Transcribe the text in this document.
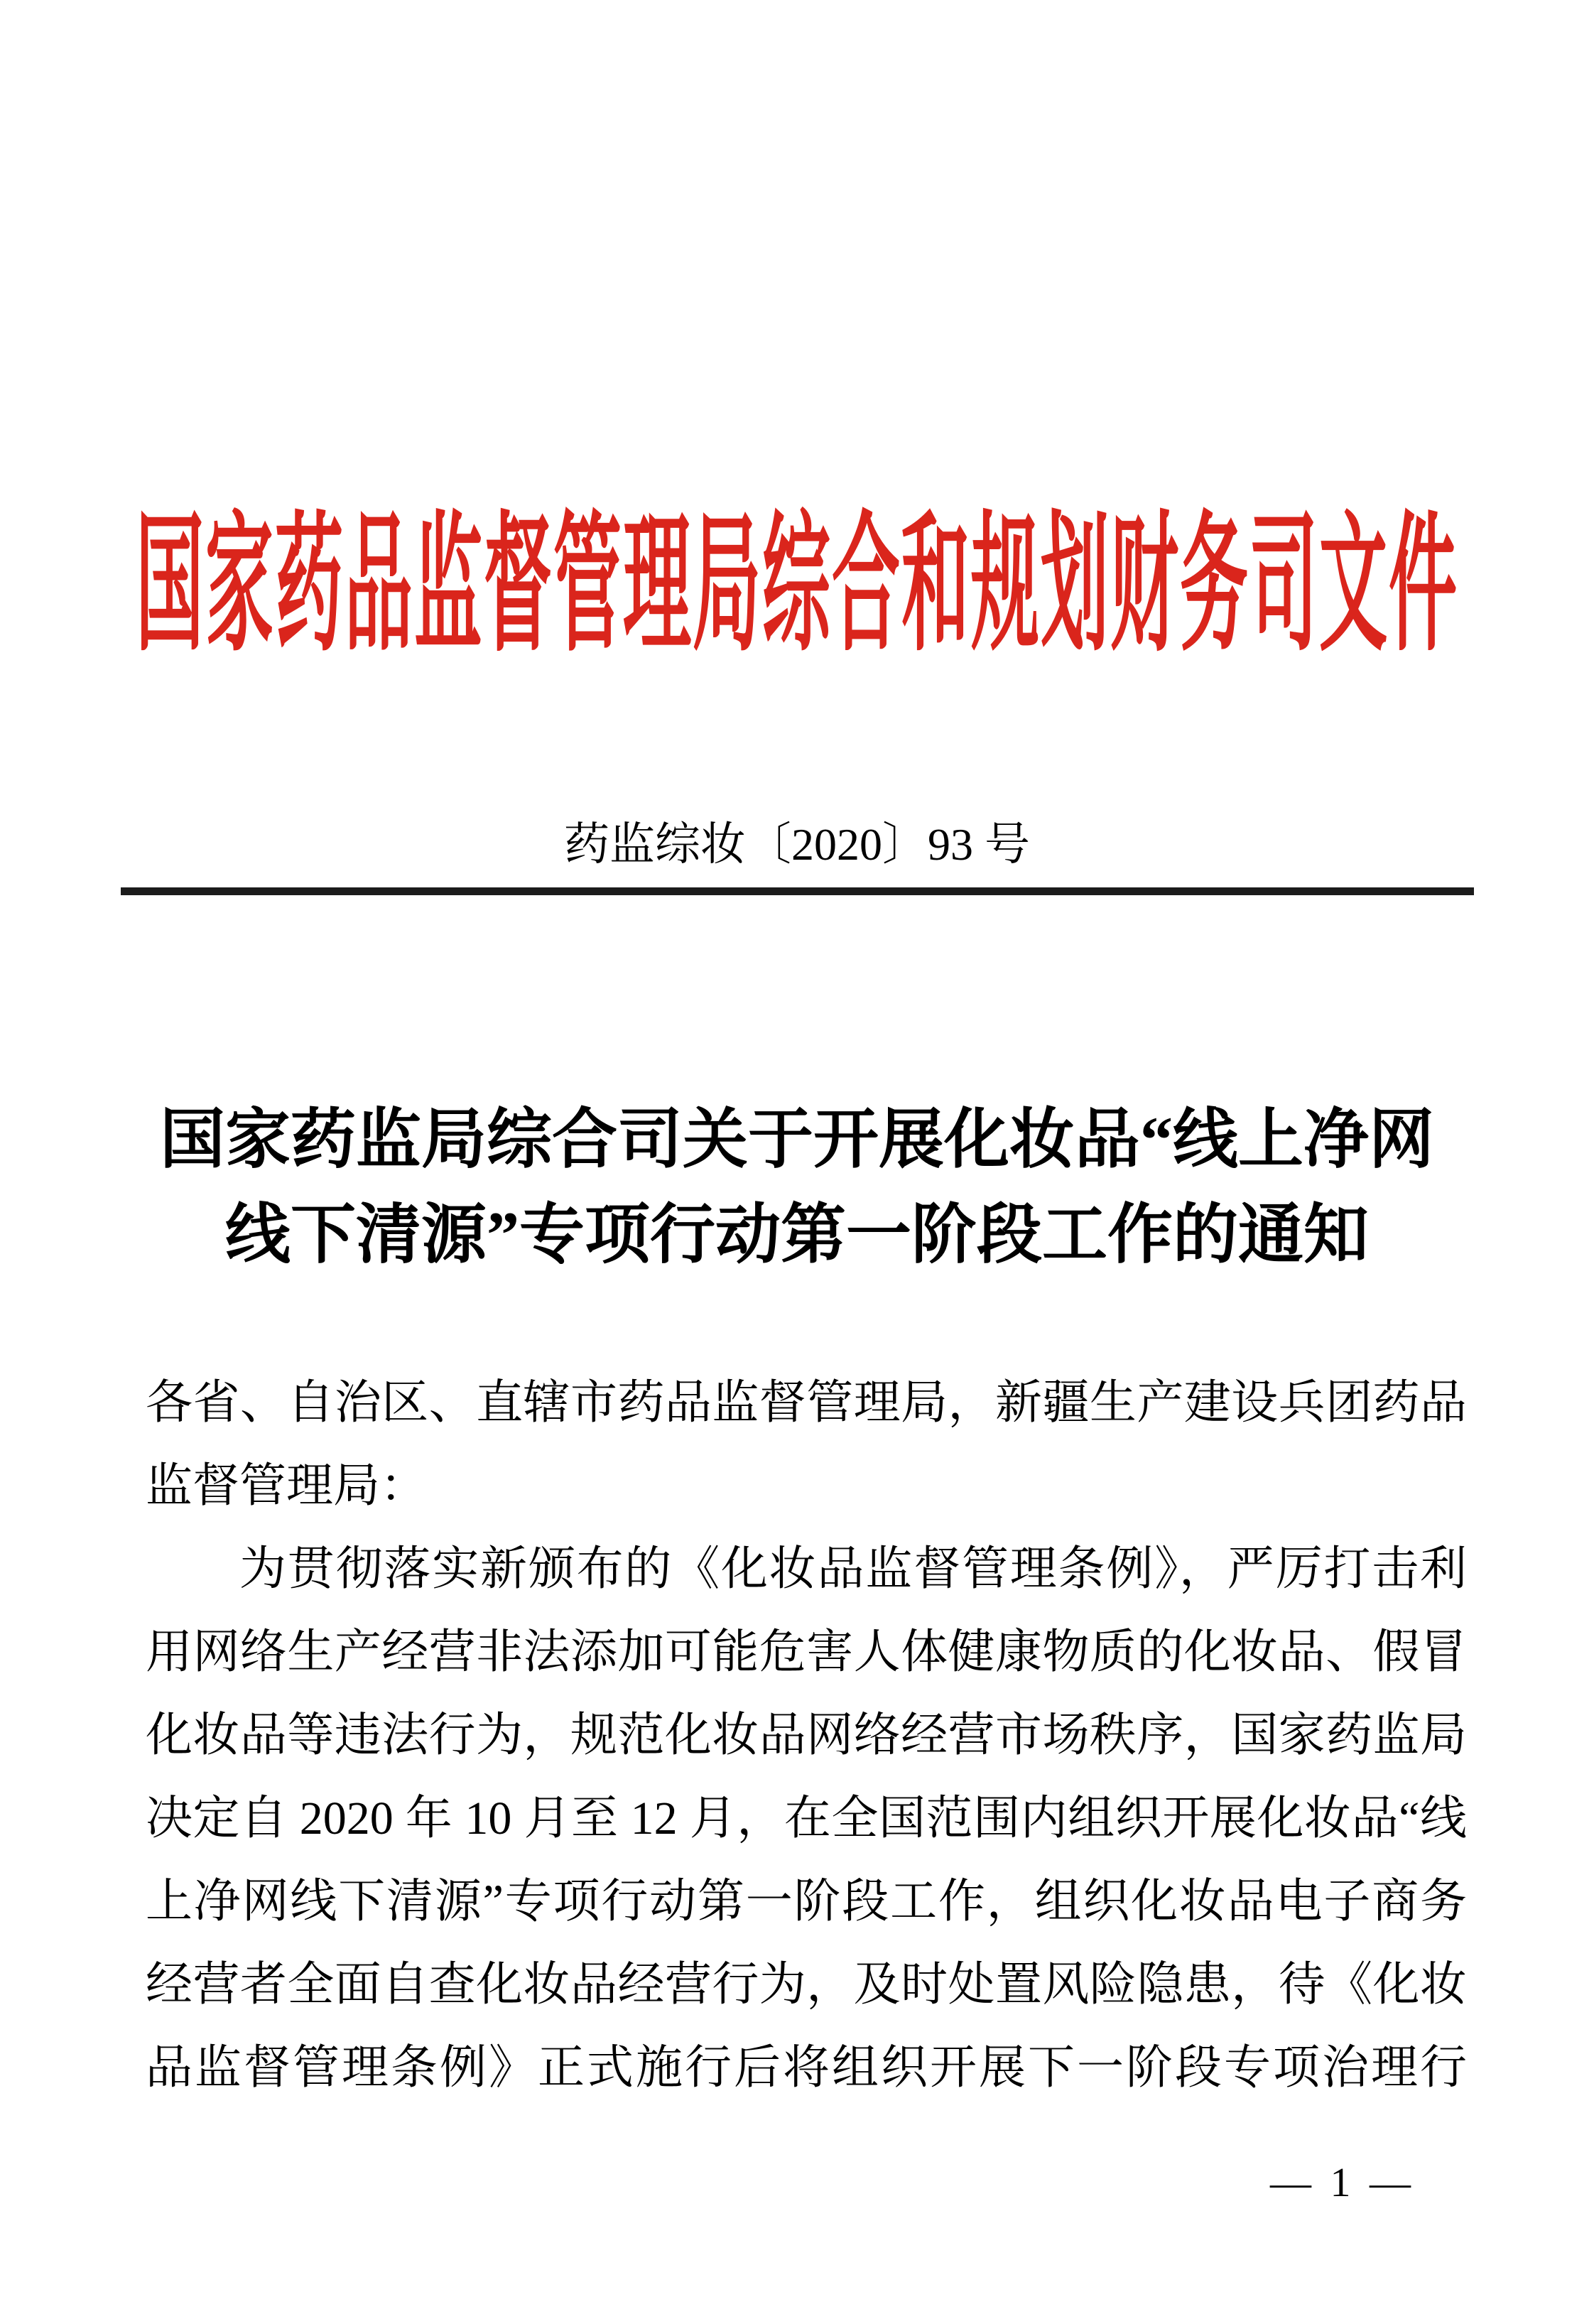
国家药品监督管理局综合和规划财务司文件
药监综妆〔2020〕93 号
国家药监局综合司关于开展化妆品“线上净网
线下清源”专项行动第一阶段工作的通知
各省、自治区、直辖市药品监督管理局，新疆生产建设兵团药品
监督管理局：
为贯彻落实新颁布的《化妆品监督管理条例》，严厉打击利
用网络生产经营非法添加可能危害人体健康物质的化妆品、假冒
化妆品等违法行为，规范化妆品网络经营市场秩序，国家药监局
决定自 2020 年 10 月至 12 月，在全国范围内组织开展化妆品“线
上净网线下清源”专项行动第一阶段工作，组织化妆品电子商务
经营者全面自查化妆品经营行为，及时处置风险隐患，待《化妆
品监督管理条例》正式施行后将组织开展下一阶段专项治理行
— 1 —
